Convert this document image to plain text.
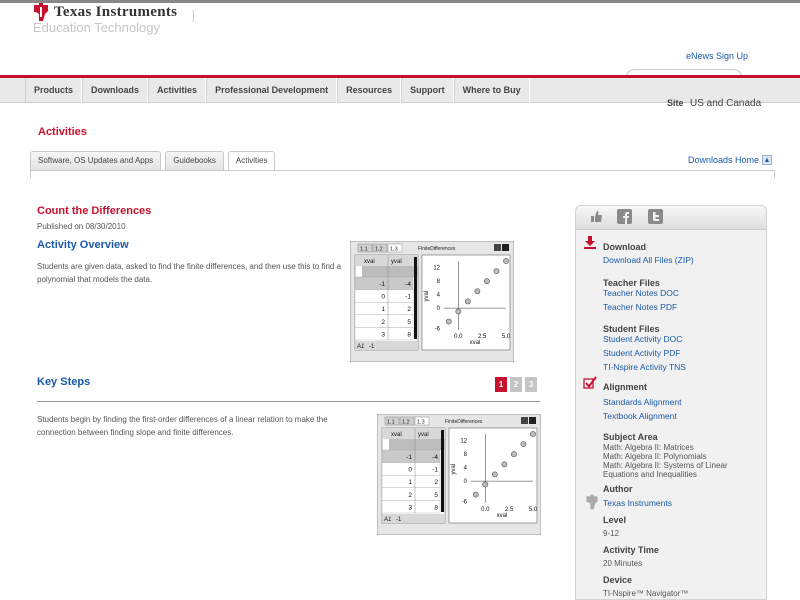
Texas Instruments
Education Technology
eNews Sign Up
Products	Downloads	Activities	Professional Development	Resources	Support	Where to Buy
Site US and Canada
Activities
Software, OS Updates and Apps	Guidebooks	Activities	Downloads Home ▲
Count the Differences
Published on 08/30/2010
Activity Overview
Students are given data, asked to find the finite differences, and then use this to find a polynomial that models the data.
Key Steps	1	2	3
Students begin by finding the first-order differences of a linear relation to make the connection between finding slope and finite differences.
1.1 1.2 1.3	FiniteDifferences
xval	yval
-1	-4
0	-1
1	2
2	5
3	8
A1 -1
12
8
4
0
-6
0.0	2.5	5.0
xval
yval
1.1 1.2 1.3	FiniteDifferences
xval	yval
-1	-4
0	-1
1	2
2	5
3	8
A1 -1
12
8
4
0
-6
0.0	2.5	5.0
xval
yval
Download
Download All Files (ZIP)
Teacher Files
Teacher Notes DOC
Teacher Notes PDF
Student Files
Student Activity DOC
Student Activity PDF
TI-Nspire Activity TNS
Alignment
Standards Alignment
Textbook Alignment
Subject Area
Math: Algebra II: Matrices
Math: Algebra II: Polynomials
Math: Algebra II: Systems of Linear
Equations and Inequalities
Author
Texas Instruments
Level
9-12
Activity Time
20 Minutes
Device
TI-Nspire™ Navigator™
